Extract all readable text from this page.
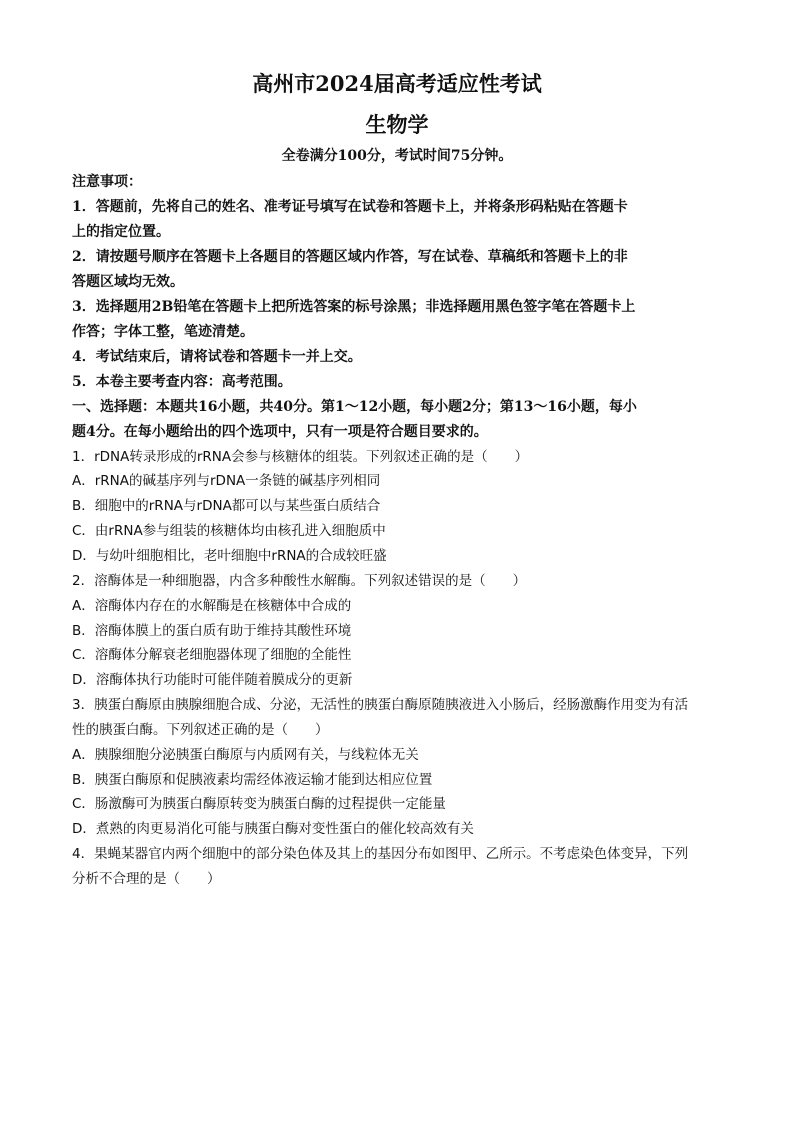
高州市2024届高考适应性考试
生物学
全卷满分100分，考试时间75分钟。
注意事项：
1．答题前，先将自己的姓名、准考证号填写在试卷和答题卡上，并将条形码粘贴在答题卡
上的指定位置。
2．请按题号顺序在答题卡上各题目的答题区域内作答，写在试卷、草稿纸和答题卡上的非
答题区域均无效。
3．选择题用2B铅笔在答题卡上把所选答案的标号涂黑；非选择题用黑色签字笔在答题卡上
作答；字体工整，笔迹清楚。
4．考试结束后，请将试卷和答题卡一并上交。
5．本卷主要考查内容：高考范围。
一、选择题：本题共16小题，共40分。第1～12小题，每小题2分；第13～16小题，每小
题4分。在每小题给出的四个选项中，只有一项是符合题目要求的。
1．rDNA转录形成的rRNA会参与核糖体的组装。下列叙述正确的是（　　）
A．rRNA的碱基序列与rDNA一条链的碱基序列相同
B．细胞中的rRNA与rDNA都可以与某些蛋白质结合
C．由rRNA参与组装的核糖体均由核孔进入细胞质中
D．与幼叶细胞相比，老叶细胞中rRNA的合成较旺盛
2．溶酶体是一种细胞器，内含多种酸性水解酶。下列叙述错误的是（　　）
A．溶酶体内存在的水解酶是在核糖体中合成的
B．溶酶体膜上的蛋白质有助于维持其酸性环境
C．溶酶体分解衰老细胞器体现了细胞的全能性
D．溶酶体执行功能时可能伴随着膜成分的更新
3．胰蛋白酶原由胰腺细胞合成、分泌，无活性的胰蛋白酶原随胰液进入小肠后，经肠激酶作用变为有活
性的胰蛋白酶。下列叙述正确的是（　　）
A．胰腺细胞分泌胰蛋白酶原与内质网有关，与线粒体无关
B．胰蛋白酶原和促胰液素均需经体液运输才能到达相应位置
C．肠激酶可为胰蛋白酶原转变为胰蛋白酶的过程提供一定能量
D．煮熟的肉更易消化可能与胰蛋白酶对变性蛋白的催化较高效有关
4．果蝇某器官内两个细胞中的部分染色体及其上的基因分布如图甲、乙所示。不考虑染色体变异，下列
分析不合理的是（　　）
